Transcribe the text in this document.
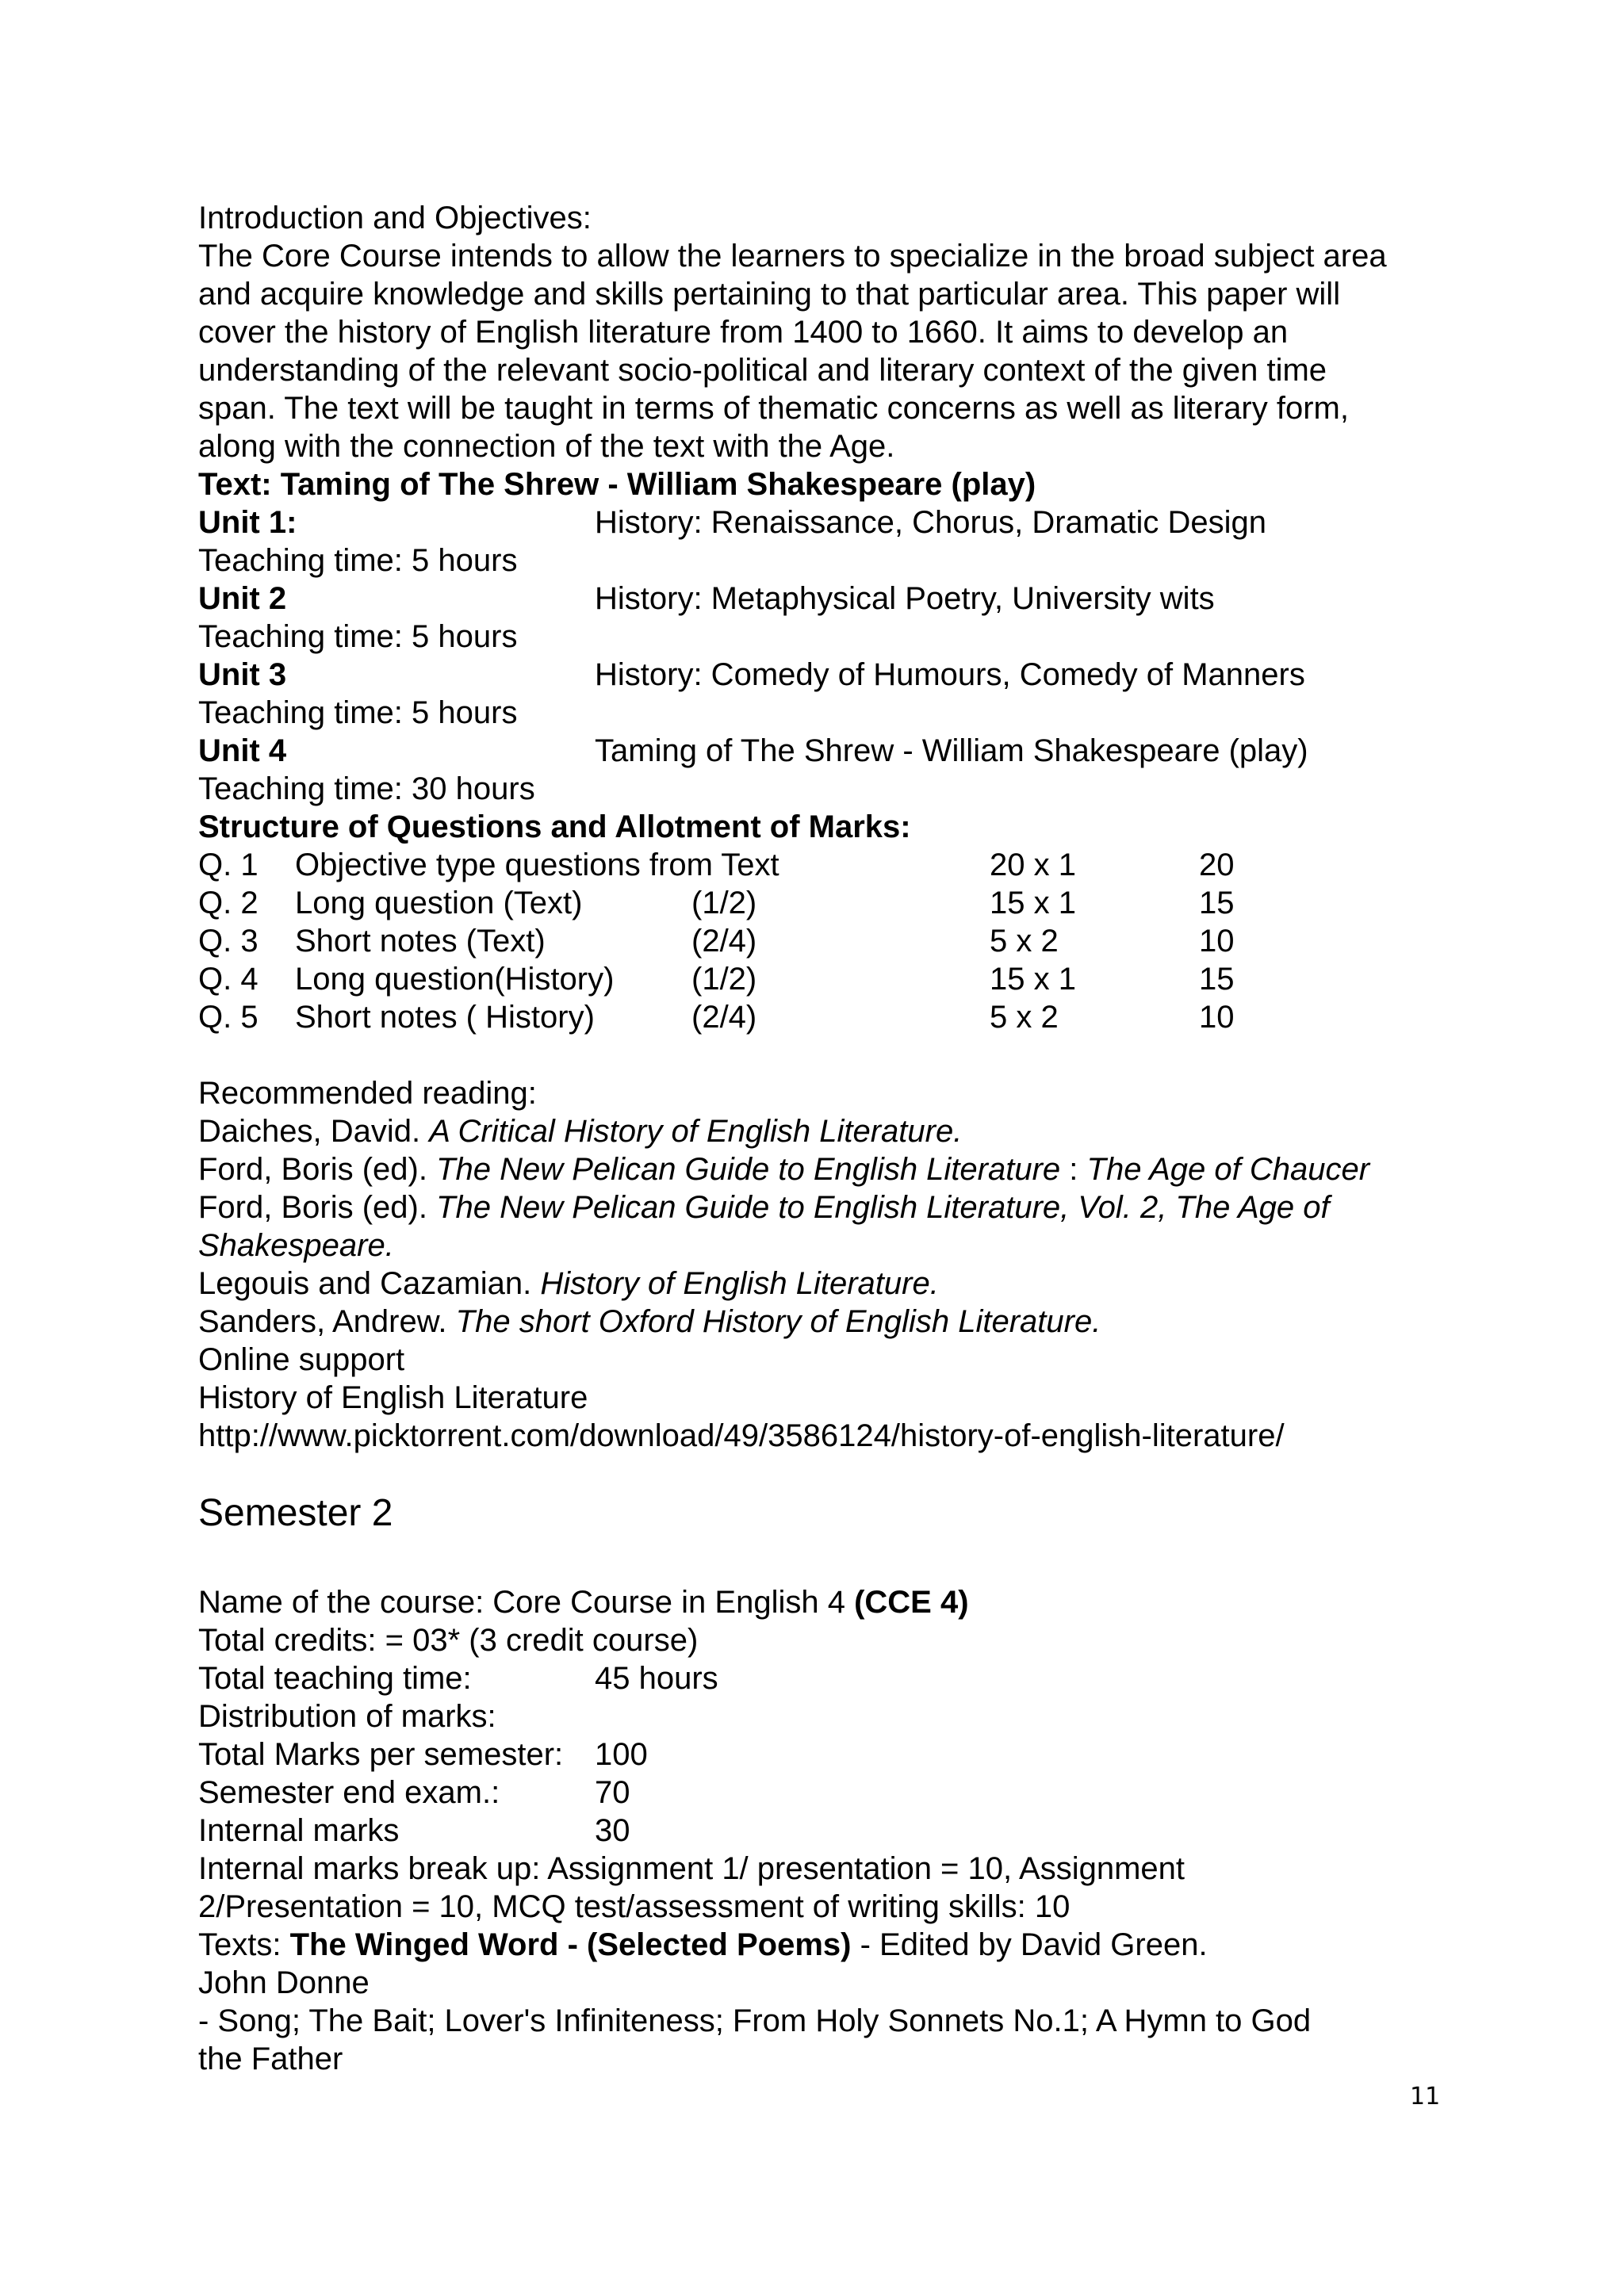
Introduction and Objectives:
The Core Course intends to allow the learners to specialize in the broad subject area
and acquire knowledge and skills pertaining to that particular area. This paper will
cover the history of English literature from 1400 to 1660. It aims to develop an
understanding of the relevant socio-political and literary context of the given time
span. The text will be taught in terms of thematic concerns as well as literary form,
along with the connection of the text with the Age.
Text: Taming of The Shrew - William Shakespeare (play)
Unit 1:	History: Renaissance, Chorus, Dramatic Design
Teaching time: 5 hours
Unit 2	History: Metaphysical Poetry, University wits
Teaching time: 5 hours
Unit 3	History: Comedy of Humours, Comedy of Manners
Teaching time: 5 hours
Unit 4	Taming of The Shrew - William Shakespeare (play)
Teaching time: 30 hours
Structure of Questions and Allotment of Marks:
Q. 1 Objective type questions from Text	20 x 1	20
Q. 2 Long question (Text)	(1/2)	15 x 1	15
Q. 3 Short notes (Text)	(2/4)	5 x 2	10
Q. 4 Long question(History) (1/2)	15 x 1	15
Q. 5 Short notes ( History)	(2/4)	5 x 2	10
Recommended reading:
Daiches, David. A Critical History of English Literature.
Ford, Boris (ed). The New Pelican Guide to English Literature : The Age of Chaucer
Ford, Boris (ed). The New Pelican Guide to English Literature, Vol. 2, The Age of
Shakespeare.
Legouis and Cazamian. History of English Literature.
Sanders, Andrew. The short Oxford History of English Literature.
Online support
History of English Literature
http://www.picktorrent.com/download/49/3586124/history-of-english-literature/
Semester 2
Name of the course: Core Course in English 4 (CCE 4)
Total credits: = 03* (3 credit course)
Total teaching time:	45 hours
Distribution of marks:
Total Marks per semester: 100
Semester end exam.:	70
Internal marks	30
Internal marks break up: Assignment 1/ presentation = 10, Assignment
2/Presentation = 10, MCQ test/assessment of writing skills: 10
Texts: The Winged Word - (Selected Poems) - Edited by David Green.
John Donne
- Song; The Bait; Lover's Infiniteness; From Holy Sonnets No.1; A Hymn to God
the Father
11
